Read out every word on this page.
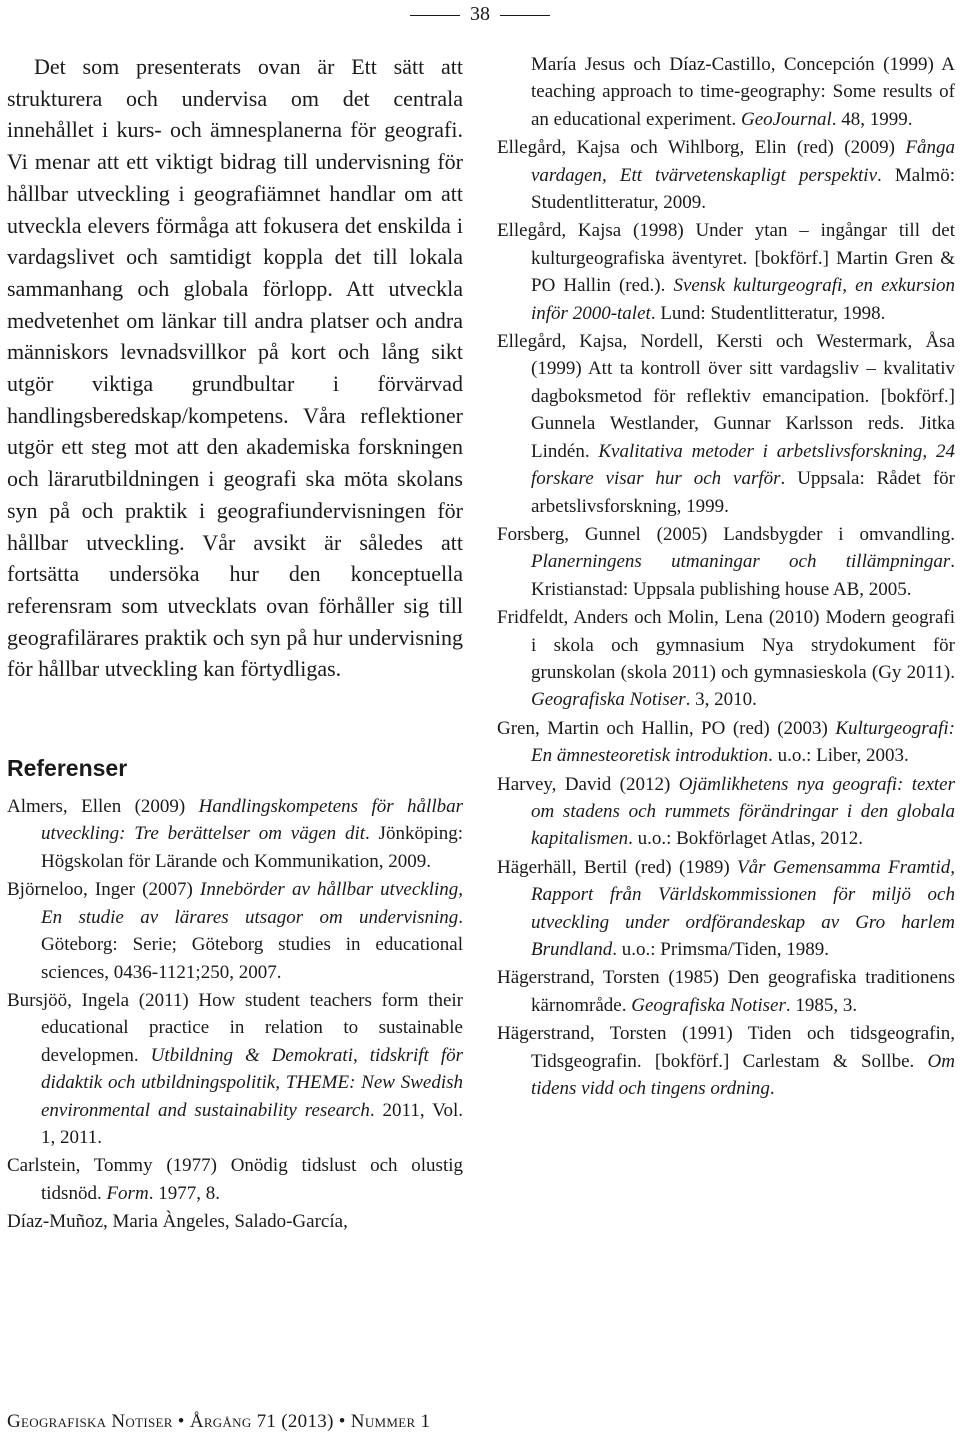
38

Det som presenterats ovan är Ett sätt att strukturera och undervisa om det centrala innehållet i kurs- och ämnesplanerna för geografi. Vi menar att ett viktigt bidrag till undervisning för hållbar utveckling i geografiämnet handlar om att utveckla elevers förmåga att fokusera det enskilda i vardagslivet och samtidigt koppla det till lokala sammanhang och globala förlopp. Att utveckla medvetenhet om länkar till andra platser och andra människors levnadsvillkor på kort och lång sikt utgör viktiga grundbultar i förvärvad handlingsberedskap/kompetens. Våra reflektioner utgör ett steg mot att den akademiska forskningen och lärarutbildningen i geografi ska möta skolans syn på och praktik i geografiundervisningen för hållbar utveckling. Vår avsikt är således att fortsätta undersöka hur den konceptuella referensram som utvecklats ovan förhåller sig till geografilärares praktik och syn på hur undervisning för hållbar utveckling kan förtydligas.

Referenser

Almers, Ellen (2009) Handlingskompetens för hållbar utveckling: Tre berättelser om vägen dit. Jönköping: Högskolan för Lärande och Kommunikation, 2009.

Björneloo, Inger (2007) Innebörder av hållbar utveckling, En studie av lärares utsagor om undervisning. Göteborg: Serie; Göteborg studies in educational sciences, 0436-1121;250, 2007.

Bursjöö, Ingela (2011) How student teachers form their educational practice in relation to sustainable developmen. Utbildning & Demokrati, tidskrift för didaktik och utbildningspolitik, THEME: New Swedish environmental and sustainability research. 2011, Vol. 1, 2011.

Carlstein, Tommy (1977) Onödig tidslust och olustig tidsnöd. Form. 1977, 8.

Díaz-Muñoz, Maria Àngeles, Salado-García,

María Jesus och Díaz-Castillo, Concepción (1999) A teaching approach to time-geography: Some results of an educational experiment. GeoJournal. 48, 1999.

Ellegård, Kajsa och Wihlborg, Elin (red) (2009) Fånga vardagen, Ett tvärvetenskapligt perspektiv. Malmö: Studentlitteratur, 2009.

Ellegård, Kajsa (1998) Under ytan – ingångar till det kulturgeografiska äventyret. [bokförf.] Martin Gren & PO Hallin (red.). Svensk kulturgeografi, en exkursion inför 2000-talet. Lund: Studentlitteratur, 1998.

Ellegård, Kajsa, Nordell, Kersti och Westermark, Åsa (1999) Att ta kontroll över sitt vardagsliv – kvalitativ dagboksmetod för reflektiv emancipation. [bokförf.] Gunnela Westlander, Gunnar Karlsson reds. Jitka Lindén. Kvalitativa metoder i arbetslivsforskning, 24 forskare visar hur och varför. Uppsala: Rådet för arbetslivsforskning, 1999.

Forsberg, Gunnel (2005) Landsbygder i omvandling. Planerningens utmaningar och tillämpningar. Kristianstad: Uppsala publishing house AB, 2005.

Fridfeldt, Anders och Molin, Lena (2010) Modern geografi i skola och gymnasium Nya strydokument för grunskolan (skola 2011) och gymnasieskola (Gy 2011). Geografiska Notiser. 3, 2010.

Gren, Martin och Hallin, PO (red) (2003) Kulturgeografi: En ämnesteoretisk introduktion. u.o.: Liber, 2003.

Harvey, David (2012) Ojämlikhetens nya geografi: texter om stadens och rummets förändringar i den globala kapitalismen. u.o.: Bokförlaget Atlas, 2012.

Hägerhäll, Bertil (red) (1989) Vår Gemensamma Framtid, Rapport från Världskommissionen för miljö och utveckling under ordförandeskap av Gro harlem Brundland. u.o.: Primsma/Tiden, 1989.

Hägerstrand, Torsten (1985) Den geografiska traditionens kärnområde. Geografiska Notiser. 1985, 3.

Hägerstrand, Torsten (1991) Tiden och tidsgeografin, Tidsgeografin. [bokförf.] Carlestam & Sollbe. Om tidens vidd och tingens ordning.

Geografiska Notiser • Årgång 71 (2013) • Nummer 1
